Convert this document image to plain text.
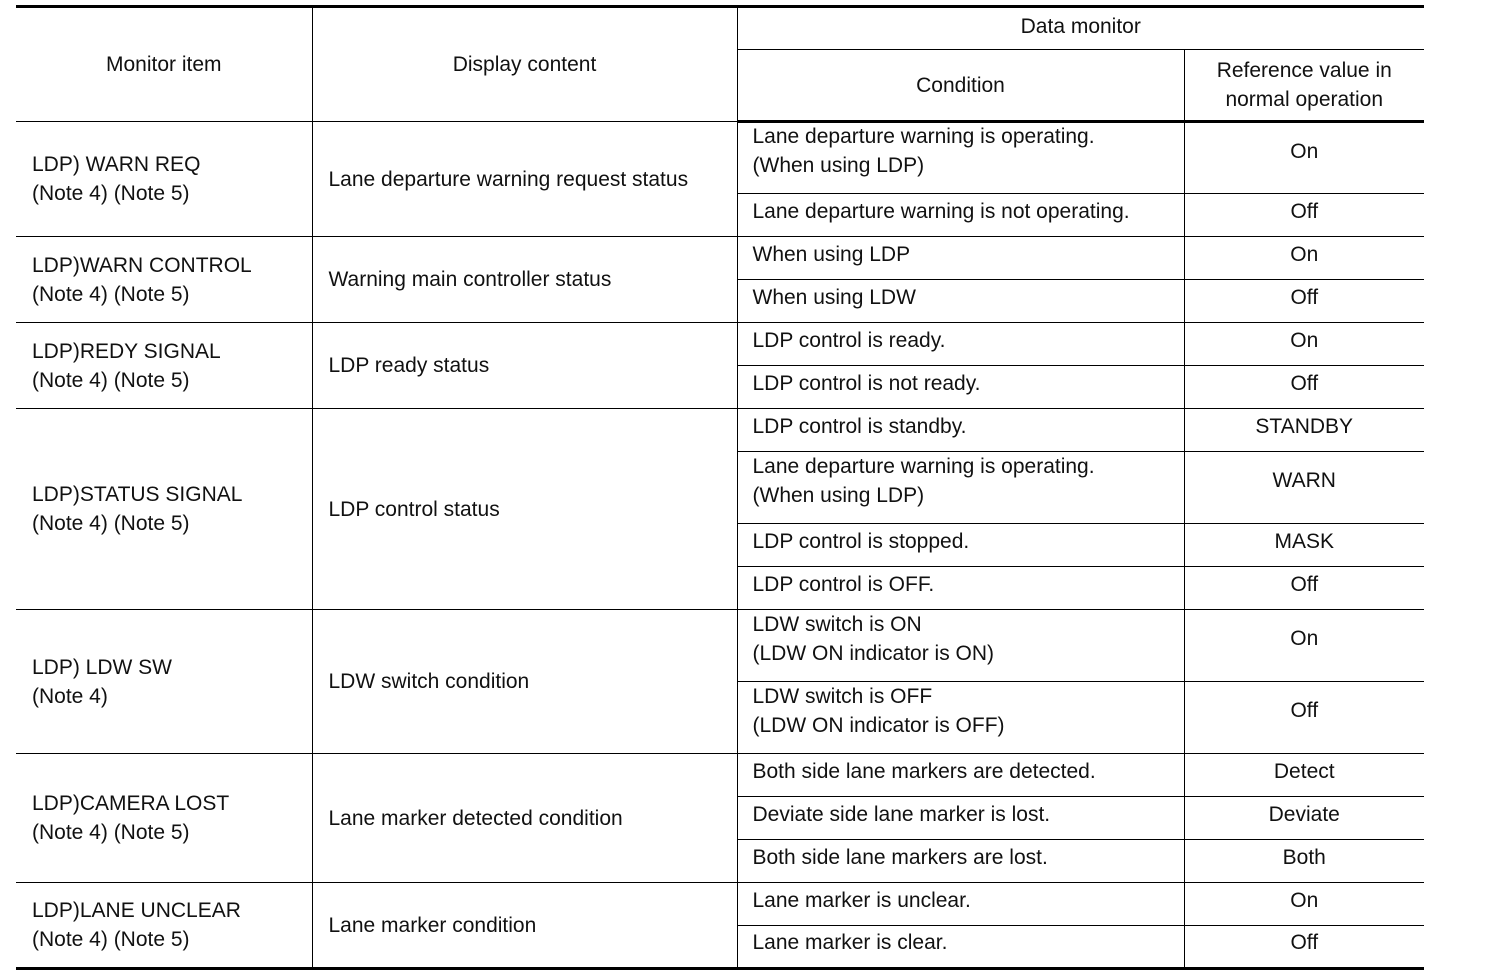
Monitor item	Display content	Data monitor	
		Condition	Reference value in
normal operation

LDP) WARN REQ
(Note 4) (Note 5)	Lane departure warning request status	Lane departure warning is operating.
(When using LDP)	On

		Lane departure warning is not operating.	Off

LDP)WARN CONTROL
(Note 4) (Note 5)	Warning main controller status	When using LDP	On

		When using LDW	Off

LDP)REDY SIGNAL
(Note 4) (Note 5)	LDP ready status	LDP control is ready.	On

		LDP control is not ready.	Off

LDP)STATUS SIGNAL
(Note 4) (Note 5)	LDP control status	LDP control is standby.	STANDBY

		Lane departure warning is operating.
(When using LDP)	WARN

		LDP control is stopped.	MASK

		LDP control is OFF.	Off

LDP) LDW SW
(Note 4)	LDW switch condition	LDW switch is ON
(LDW ON indicator is ON)	On

		LDW switch is OFF
(LDW ON indicator is OFF)	Off

LDP)CAMERA LOST
(Note 4) (Note 5)	Lane marker detected condition	Both side lane markers are detected.	Detect

		Deviate side lane marker is lost.	Deviate

		Both side lane markers are lost.	Both

LDP)LANE UNCLEAR
(Note 4) (Note 5)	Lane marker condition	Lane marker is unclear.	On

		Lane marker is clear.	Off
